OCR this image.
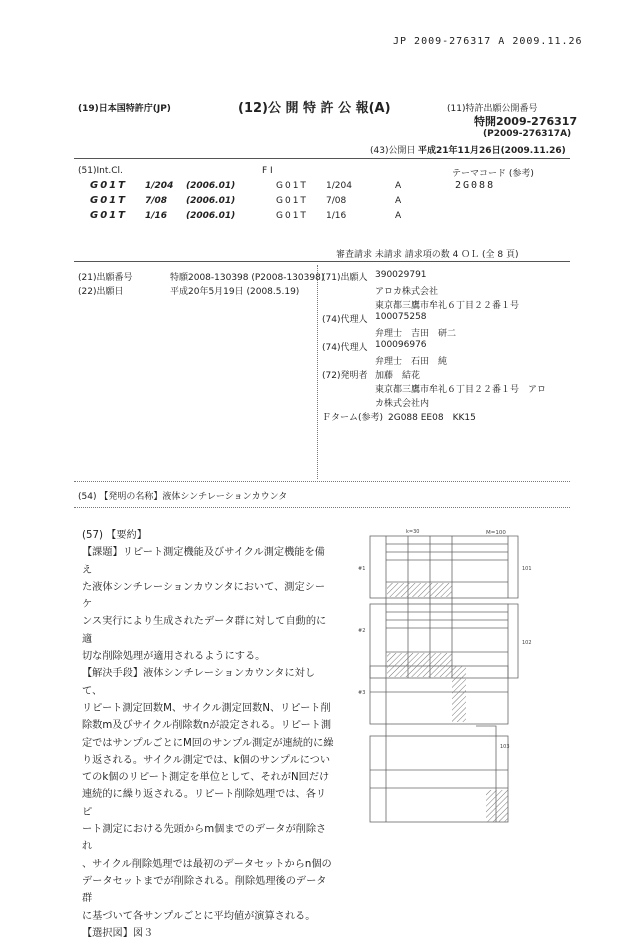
JP 2009-276317 A 2009.11.26
(19)日本国特許庁(JP)	(12)公 開 特 許 公 報(A)	(11)特許出願公開番号
特開2009-276317
(P2009-276317A)
(43)公開日 平成21年11月26日(2009.11.26)
(51)Int.Cl.	F I	テーマコード (参考)
2G088
G01T 1/204 (2006.01)	G01T 1/204	A
G01T 7/08 (2006.01)	G01T 7/08	A
G01T 1/16 (2006.01)	G01T 1/16	A
審査請求 未請求 請求項の数 4 ＯＬ (全 8 頁)
(21)出願番号	特願2008-130398 (P2008-130398)
(22)出願日	平成20年5月19日 (2008.5.19)
(71)出願人 390029791
アロカ株式会社
東京都三鷹市牟礼６丁目２２番１号
(74)代理人 100075258
弁理士　吉田　研二
(74)代理人 100096976
弁理士　石田　純
(72)発明者 加藤　結花
東京都三鷹市牟礼６丁目２２番１号　アロ
カ株式会社内
Ｆターム(参考) 2G088 EE08　KK15
(54) 【発明の名称】液体シンチレーションカウンタ

(57) 【要約】

【課題】リピート測定機能及びサイクル測定機能を備え

た液体シンチレーションカウンタにおいて、測定シーケ

ンス実行により生成されたデータ群に対して自動的に適

切な削除処理が適用されるようにする。

【解決手段】液体シンチレーションカウンタに対して、

リピート測定回数M、サイクル測定回数N、リピート削

除数m及びサイクル削除数nが設定される。リピート測

定ではサンプルごとにM回のサンプル測定が連続的に繰

り返される。サイクル測定では、k個のサンプルについ

てのk個のリピート測定を単位として、それがN回だけ

連続的に繰り返される。リピート削除処理では、各リピ

ート測定における先頭からm個までのデータが削除され

、サイクル削除処理では最初のデータセットからn個の

データセットまでが削除される。削除処理後のデータ群

に基づいて各サンプルごとに平均値が演算される。

【選択図】図３

M=100
k=30
#1
#2
#3
101
102
103
